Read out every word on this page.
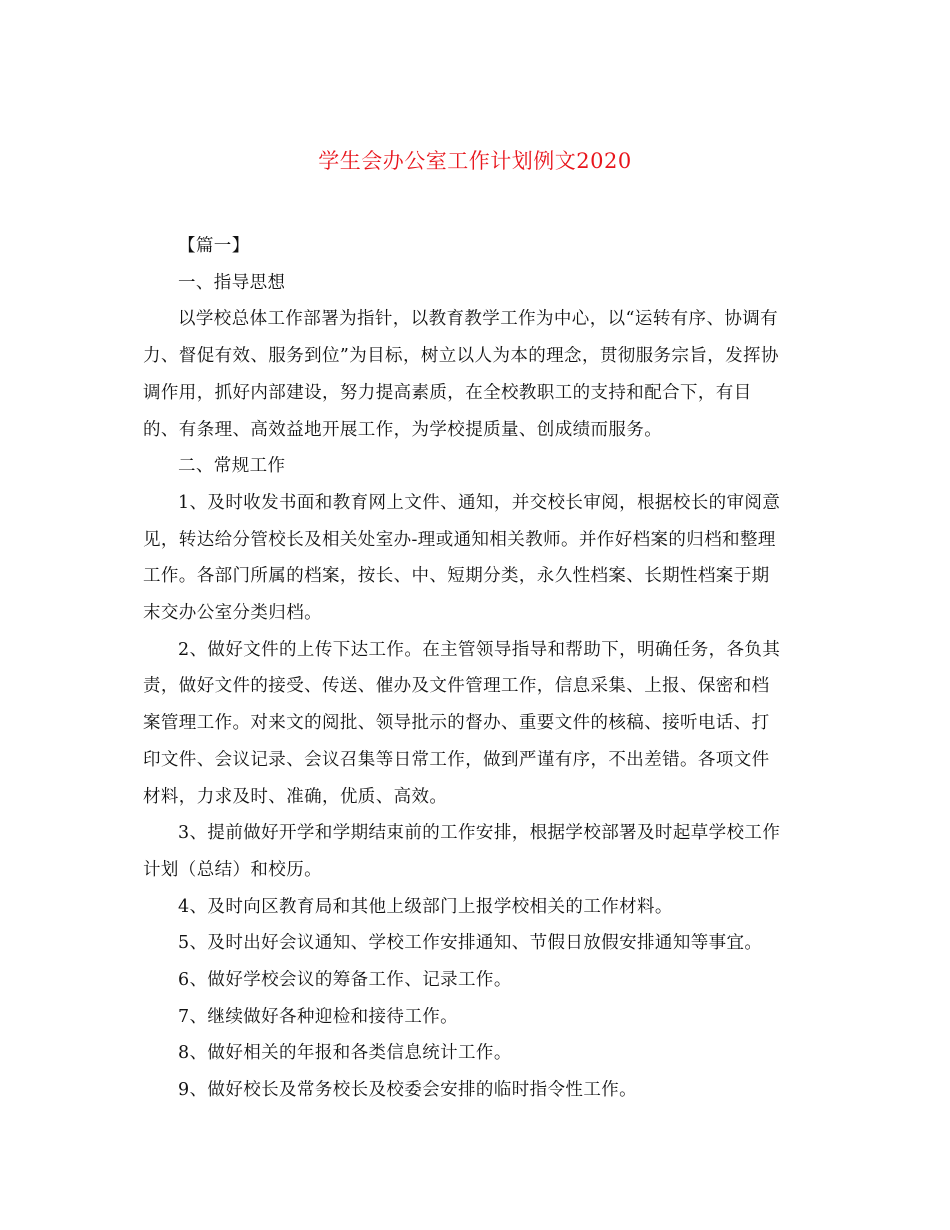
学生会办公室工作计划例文2020

【篇一】

一、指导思想

以学校总体工作部署为指针，以教育教学工作为中心，以“运转有序、协调有
力、督促有效、服务到位”为目标，树立以人为本的理念，贯彻服务宗旨，发挥协
调作用，抓好内部建设，努力提高素质，在全校教职工的支持和配合下，有目
的、有条理、高效益地开展工作，为学校提质量、创成绩而服务。

二、常规工作

1、及时收发书面和教育网上文件、通知，并交校长审阅，根据校长的审阅意
见，转达给分管校长及相关处室办-理或通知相关教师。并作好档案的归档和整理
工作。各部门所属的档案，按长、中、短期分类，永久性档案、长期性档案于期
末交办公室分类归档。

2、做好文件的上传下达工作。在主管领导指导和帮助下，明确任务，各负其
责，做好文件的接受、传送、催办及文件管理工作，信息采集、上报、保密和档
案管理工作。对来文的阅批、领导批示的督办、重要文件的核稿、接听电话、打
印文件、会议记录、会议召集等日常工作，做到严谨有序，不出差错。各项文件
材料，力求及时、准确，优质、高效。

3、提前做好开学和学期结束前的工作安排，根据学校部署及时起草学校工作
计划（总结）和校历。

4、及时向区教育局和其他上级部门上报学校相关的工作材料。

5、及时出好会议通知、学校工作安排通知、节假日放假安排通知等事宜。

6、做好学校会议的筹备工作、记录工作。

7、继续做好各种迎检和接待工作。

8、做好相关的年报和各类信息统计工作。

9、做好校长及常务校长及校委会安排的临时指令性工作。
